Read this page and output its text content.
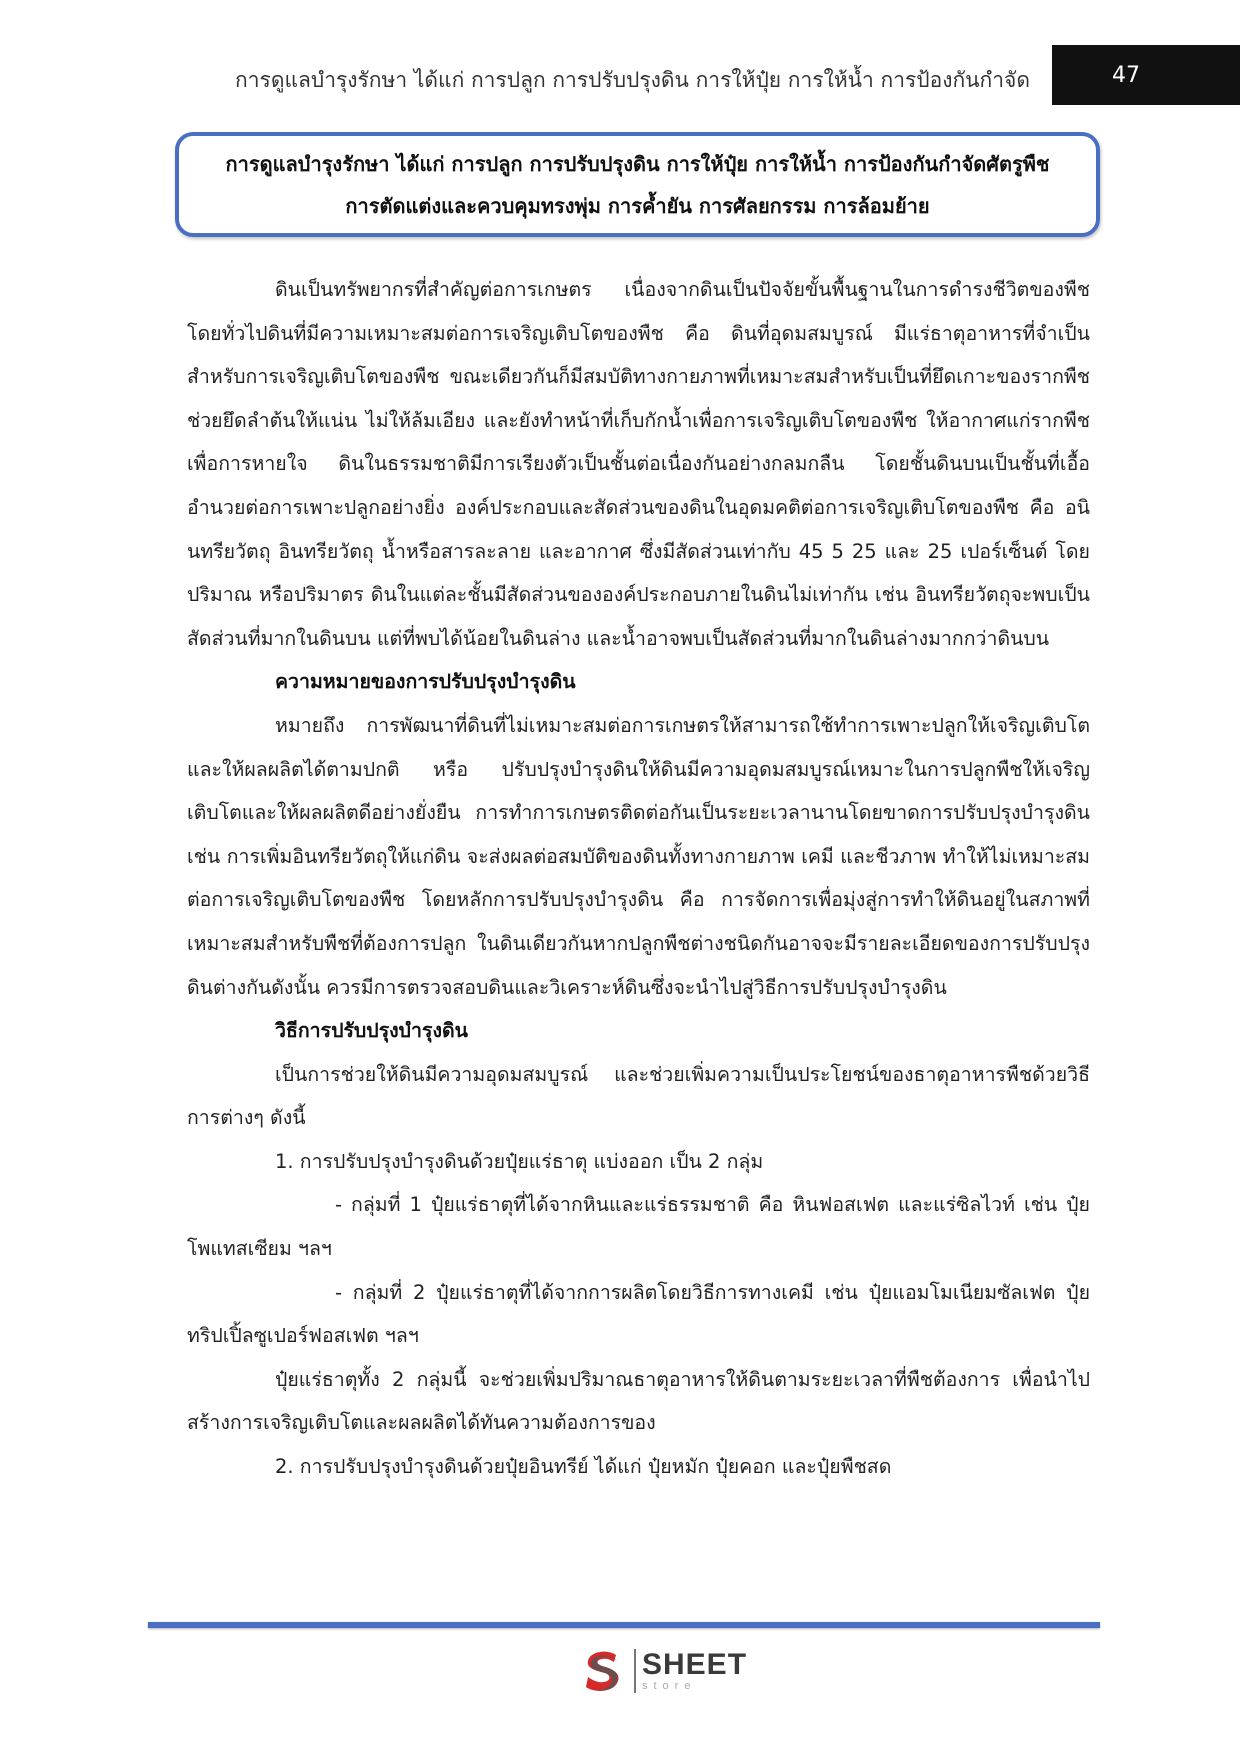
การดูแลบำรุงรักษา ได้แก่ การปลูก การปรับปรุงดิน การให้ปุ๋ย การให้น้ำ การป้องกันกำจัด	47
การดูแลบำรุงรักษา ได้แก่ การปลูก การปรับปรุงดิน การให้ปุ๋ย การให้น้ำ การป้องกันกำจัดศัตรูพืช
การตัดแต่งและควบคุมทรงพุ่ม การค้ำยัน การศัลยกรรม การล้อมย้าย

ดินเป็นทรัพยากรที่สำคัญต่อการเกษตร เนื่องจากดินเป็นปัจจัยขั้นพื้นฐานในการดำรงชีวิตของพืช โดยทั่วไปดินที่มีความเหมาะสมต่อการเจริญเติบโตของพืช คือ ดินที่อุดมสมบูรณ์ มีแร่ธาตุอาหารที่จำเป็นสำหรับการเจริญเติบโตของพืช ขณะเดียวกันก็มีสมบัติทางกายภาพที่เหมาะสมสำหรับเป็นที่ยึดเกาะของรากพืช ช่วยยึดลำต้นให้แน่น ไม่ให้ล้มเอียง และยังทำหน้าที่เก็บกักน้ำเพื่อการเจริญเติบโตของพืช ให้อากาศแก่รากพืชเพื่อการหายใจ ดินในธรรมชาติมีการเรียงตัวเป็นชั้นต่อเนื่องกันอย่างกลมกลืน โดยชั้นดินบนเป็นชั้นที่เอื้ออำนวยต่อการเพาะปลูกอย่างยิ่ง องค์ประกอบและสัดส่วนของดินในอุดมคติต่อการเจริญเติบโตของพืช คือ อนินทรียวัตถุ อินทรียวัตถุ น้ำหรือสารละลาย และอากาศ ซึ่งมีสัดส่วนเท่ากับ 45 5 25 และ 25 เปอร์เซ็นต์ โดยปริมาณ หรือปริมาตร ดินในแต่ละชั้นมีสัดส่วนขององค์ประกอบภายในดินไม่เท่ากัน เช่น อินทรียวัตถุจะพบเป็นสัดส่วนที่มากในดินบน แต่ที่พบได้น้อยในดินล่าง และน้ำอาจพบเป็นสัดส่วนที่มากในดินล่างมากกว่าดินบน

ความหมายของการปรับปรุงบำรุงดิน

หมายถึง การพัฒนาที่ดินที่ไม่เหมาะสมต่อการเกษตรให้สามารถใช้ทำการเพาะปลูกให้เจริญเติบโตและให้ผลผลิตได้ตามปกติ หรือ ปรับปรุงบำรุงดินให้ดินมีความอุดมสมบูรณ์เหมาะในการปลูกพืชให้เจริญเติบโตและให้ผลผลิตดีอย่างยั่งยืน การทำการเกษตรติดต่อกันเป็นระยะเวลานานโดยขาดการปรับปรุงบำรุงดิน เช่น การเพิ่มอินทรียวัตถุให้แก่ดิน จะส่งผลต่อสมบัติของดินทั้งทางกายภาพ เคมี และชีวภาพ ทำให้ไม่เหมาะสมต่อการเจริญเติบโตของพืช โดยหลักการปรับปรุงบำรุงดิน คือ การจัดการเพื่อมุ่งสู่การทำให้ดินอยู่ในสภาพที่เหมาะสมสำหรับพืชที่ต้องการปลูก ในดินเดียวกันหากปลูกพืชต่างชนิดกันอาจจะมีรายละเอียดของการปรับปรุงดินต่างกันดังนั้น ควรมีการตรวจสอบดินและวิเคราะห์ดินซึ่งจะนำไปสู่วิธีการปรับปรุงบำรุงดิน

วิธีการปรับปรุงบำรุงดิน

เป็นการช่วยให้ดินมีความอุดมสมบูรณ์ และช่วยเพิ่มความเป็นประโยชน์ของธาตุอาหารพืชด้วยวิธีการต่างๆ ดังนี้

1. การปรับปรุงบำรุงดินด้วยปุ๋ยแร่ธาตุ แบ่งออก เป็น 2 กลุ่ม

- กลุ่มที่ 1 ปุ๋ยแร่ธาตุที่ได้จากหินและแร่ธรรมชาติ คือ หินฟอสเฟต และแร่ซิลไวท์ เช่น ปุ๋ยโพแทสเซียม ฯลฯ

- กลุ่มที่ 2 ปุ๋ยแร่ธาตุที่ได้จากการผลิตโดยวิธีการทางเคมี เช่น ปุ๋ยแอมโมเนียมซัลเฟต ปุ๋ยทริปเปิ้ลซูเปอร์ฟอสเฟต ฯลฯ

ปุ๋ยแร่ธาตุทั้ง 2 กลุ่มนี้ จะช่วยเพิ่มปริมาณธาตุอาหารให้ดินตามระยะเวลาที่พืชต้องการ เพื่อนำไปสร้างการเจริญเติบโตและผลผลิตได้ทันความต้องการของ

2. การปรับปรุงบำรุงดินด้วยปุ๋ยอินทรีย์ ได้แก่ ปุ๋ยหมัก ปุ๋ยคอก และปุ๋ยพืชสด

SHEET
store
